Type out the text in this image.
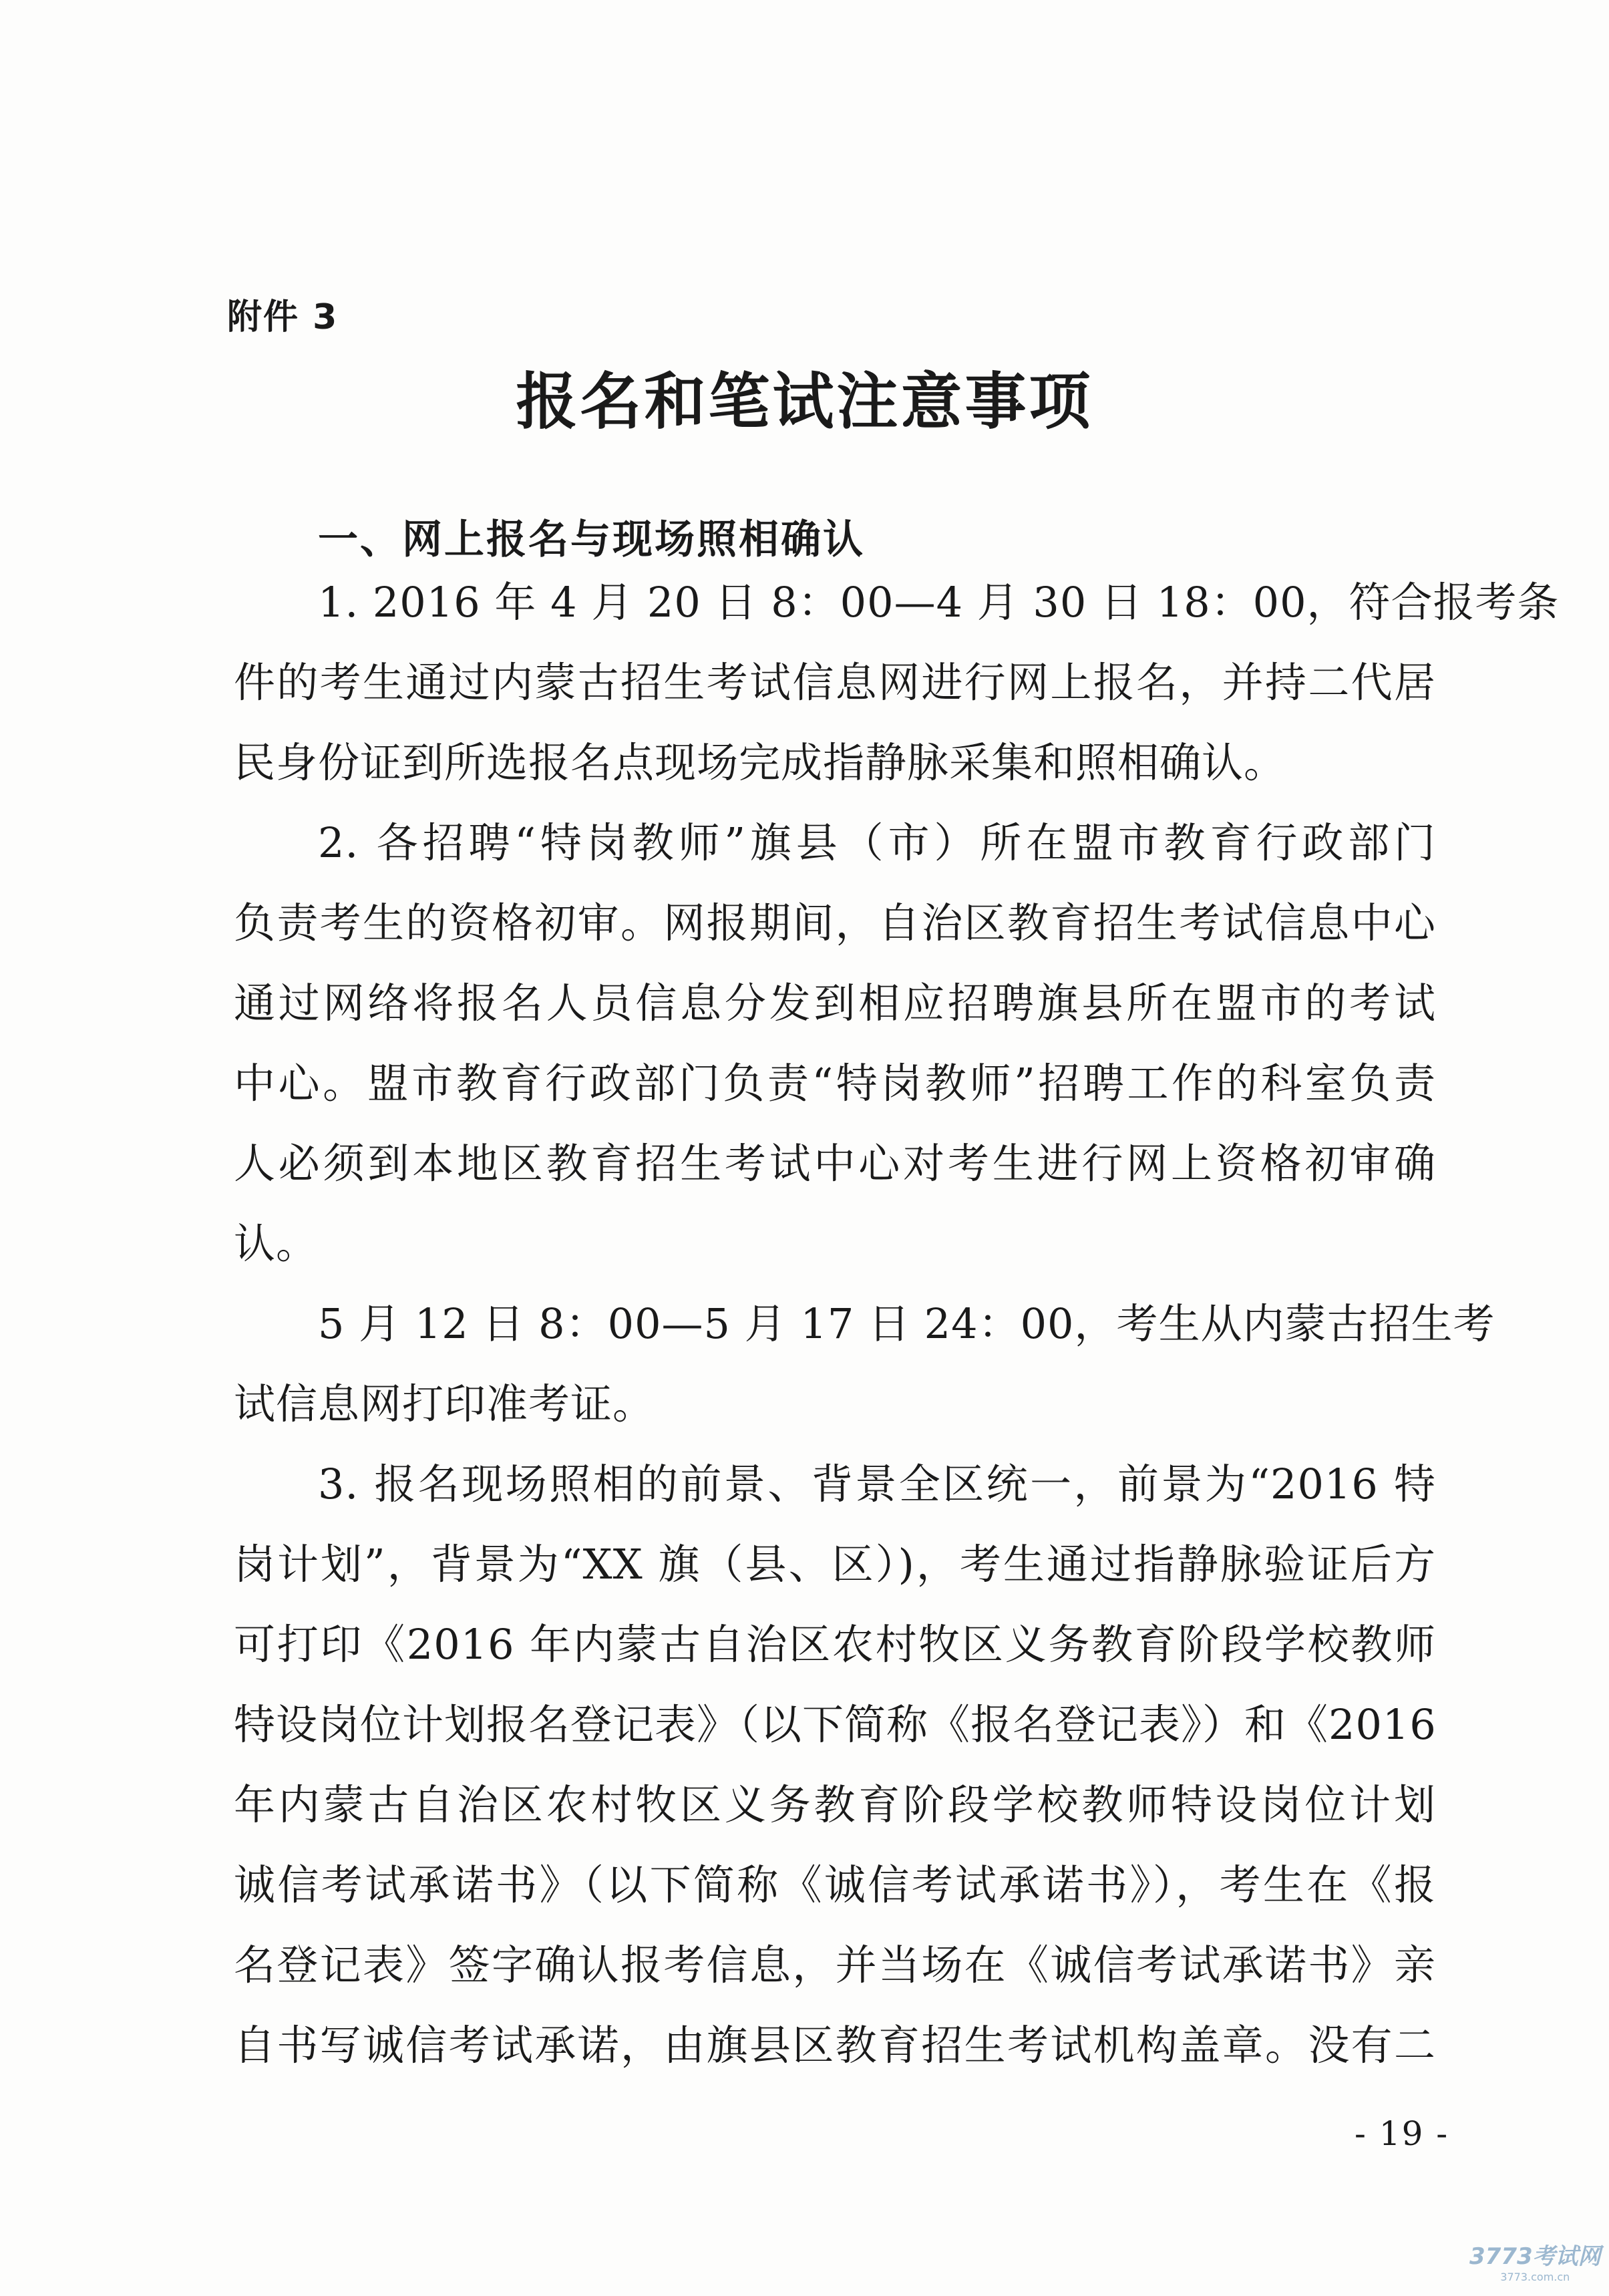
附件 3
报名和笔试注意事项
一、网上报名与现场照相确认
1. 2016 年 4 月 20 日 8：00—4 月 30 日 18：00，符合报考条
件的考生通过内蒙古招生考试信息网进行网上报名，并持二代居
民身份证到所选报名点现场完成指静脉采集和照相确认。
2. 各招聘“特岗教师”旗县（市）所在盟市教育行政部门
负责考生的资格初审。网报期间，自治区教育招生考试信息中心
通过网络将报名人员信息分发到相应招聘旗县所在盟市的考试
中心。盟市教育行政部门负责“特岗教师”招聘工作的科室负责
人必须到本地区教育招生考试中心对考生进行网上资格初审确
认。
5 月 12 日 8：00—5 月 17 日 24：00，考生从内蒙古招生考
试信息网打印准考证。
3. 报名现场照相的前景、背景全区统一，前景为“2016 特
岗计划”，背景为“XX 旗（县、区）)，考生通过指静脉验证后方
可打印《2016 年内蒙古自治区农村牧区义务教育阶段学校教师
特设岗位计划报名登记表》（以下简称《报名登记表》）和《2016
年内蒙古自治区农村牧区义务教育阶段学校教师特设岗位计划
诚信考试承诺书》（以下简称《诚信考试承诺书》），考生在《报
名登记表》签字确认报考信息，并当场在《诚信考试承诺书》亲
自书写诚信考试承诺，由旗县区教育招生考试机构盖章。没有二
- 19 -
3773考试网
3773.com.cn
